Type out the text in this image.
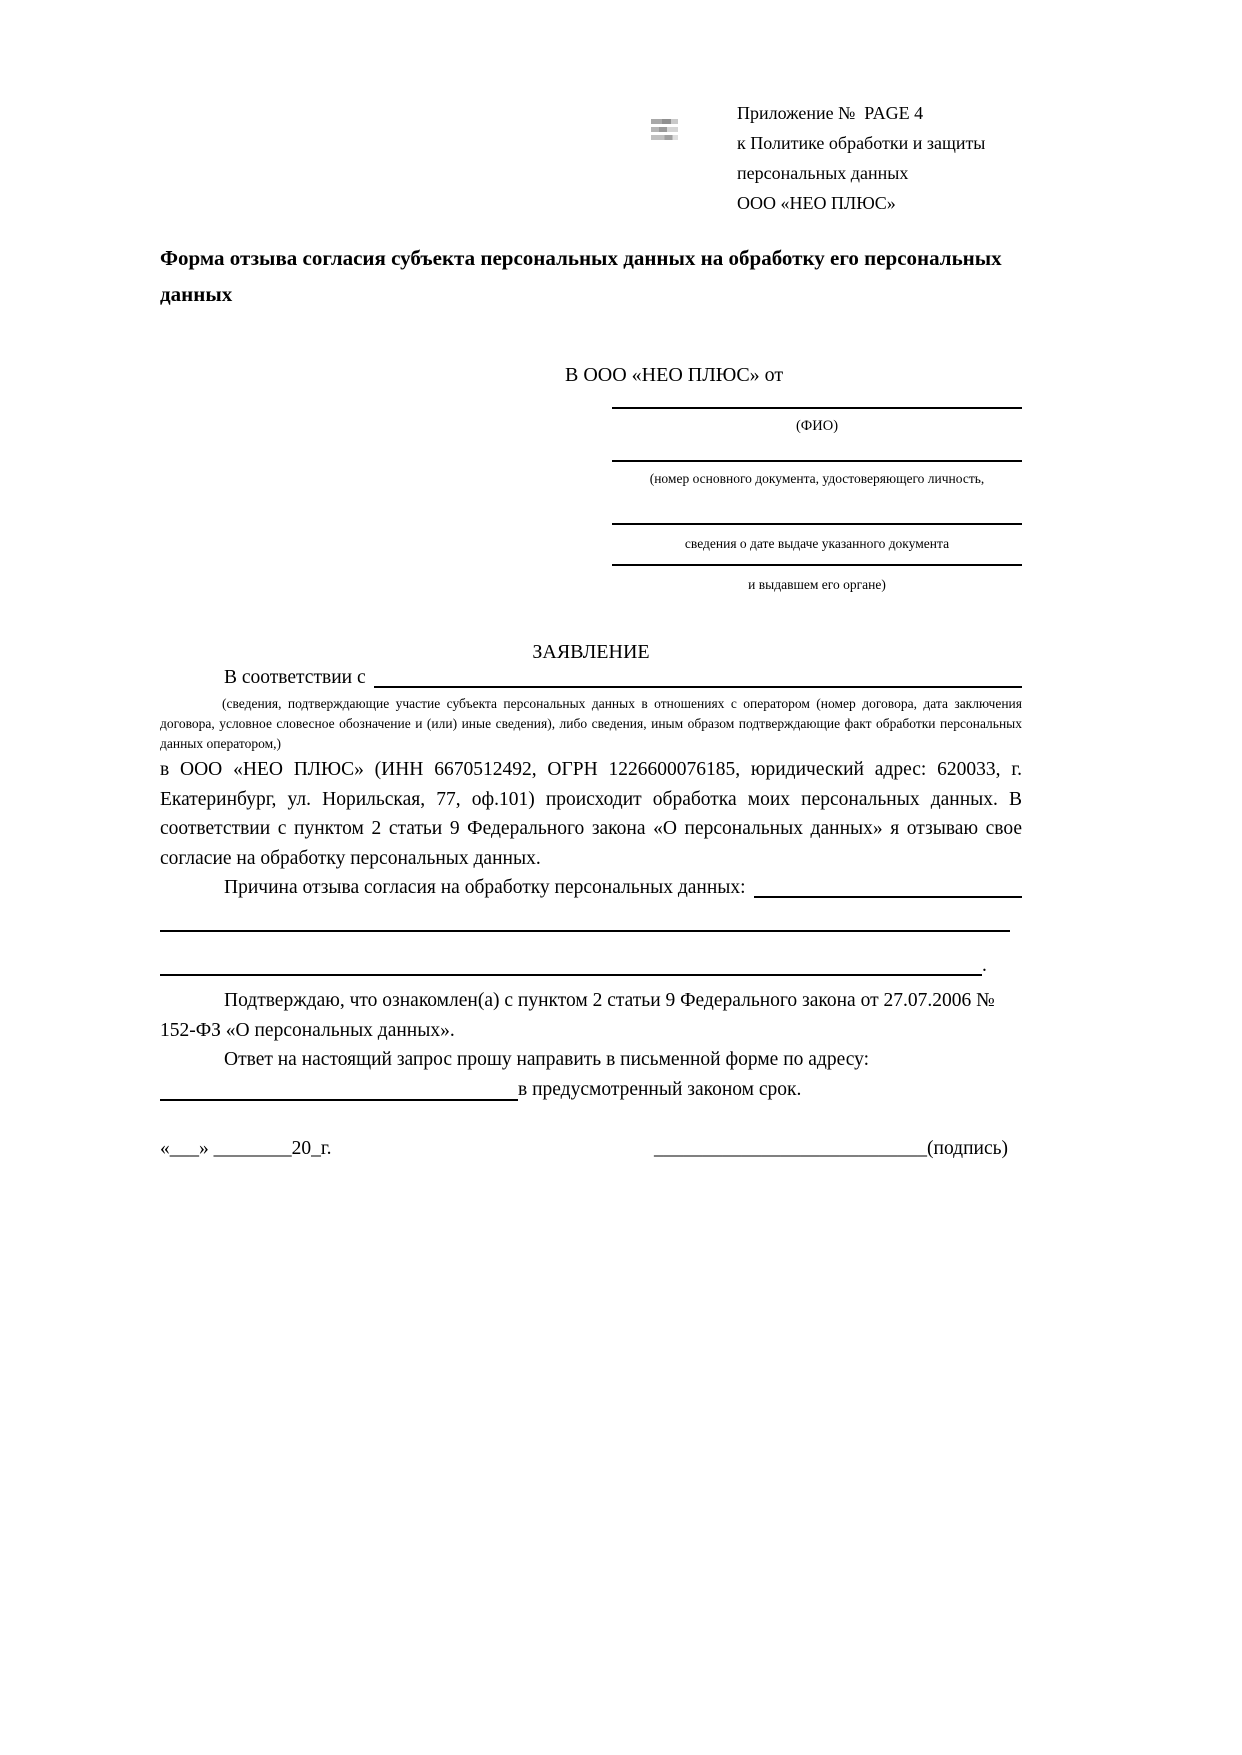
Приложение №  PAGE 4
к Политике обработки и защиты
персональных данных
ООО «НЕО ПЛЮС»
Форма отзыва согласия субъекта персональных данных на обработку его персональных данных
В ООО «НЕО ПЛЮС» от
(ФИО)
(номер основного документа, удостоверяющего личность,
сведения о дате выдаче указанного документа
и выдавшем его органе)
ЗАЯВЛЕНИЕ
В соответствии с
(сведения, подтверждающие участие субъекта персональных данных в отношениях с оператором (номер договора, дата заключения договора, условное словесное обозначение и (или) иные сведения), либо сведения, иным образом подтверждающие факт обработки персональных данных оператором,)
в ООО «НЕО ПЛЮС» (ИНН 6670512492, ОГРН 1226600076185, юридический адрес: 620033, г. Екатеринбург, ул. Норильская, 77, оф.101) происходит обработка моих персональных данных. В соответствии с пунктом 2 статьи 9 Федерального закона «О персональных данных» я отзываю свое согласие на обработку персональных данных.
Причина отзыва согласия на обработку персональных данных:
.
Подтверждаю, что ознакомлен(а) с пунктом 2 статьи 9 Федерального закона от 27.07.2006 № 152-ФЗ «О персональных данных».
Ответ на настоящий запрос прошу направить в письменной форме по адресу:
в предусмотренный законом срок.
«___» ________20_г.	____________________________(подпись)
